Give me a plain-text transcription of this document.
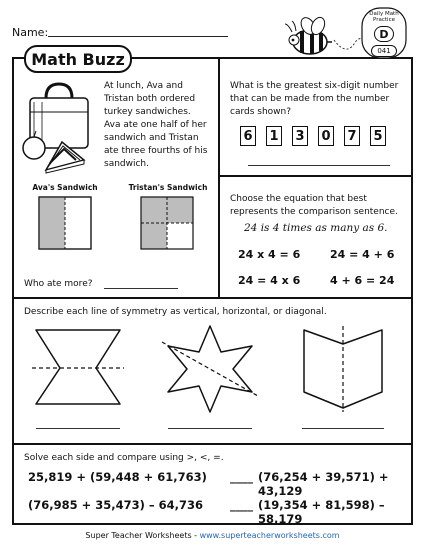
Name:
Math Buzz
Daily Math Practice
D
041
At lunch, Ava and
Tristan both ordered
turkey sandwiches.
Ava ate one half of her
sandwich and Tristan
ate three fourths of his
sandwich.
Ava's Sandwich	Tristan's Sandwich
Who ate more?
What is the greatest six-digit number
that can be made from the number
cards shown?
6 1 3 0 7 5
Choose the equation that best
represents the comparison sentence.
24 is 4 times as many as 6.
24 x 4 = 6	24 = 4 + 6
24 = 4 x 6	4 + 6 = 24
Describe each line of symmetry as vertical, horizontal, or diagonal.
Solve each side and compare using >, <, =.
25,819 + (59,448 + 61,763) ____ (76,254 + 39,571) + 43,129
(76,985 + 35,473) – 64,736 ____ (19,354 + 81,598) – 58,179
Super Teacher Worksheets - www.superteacherworksheets.com
